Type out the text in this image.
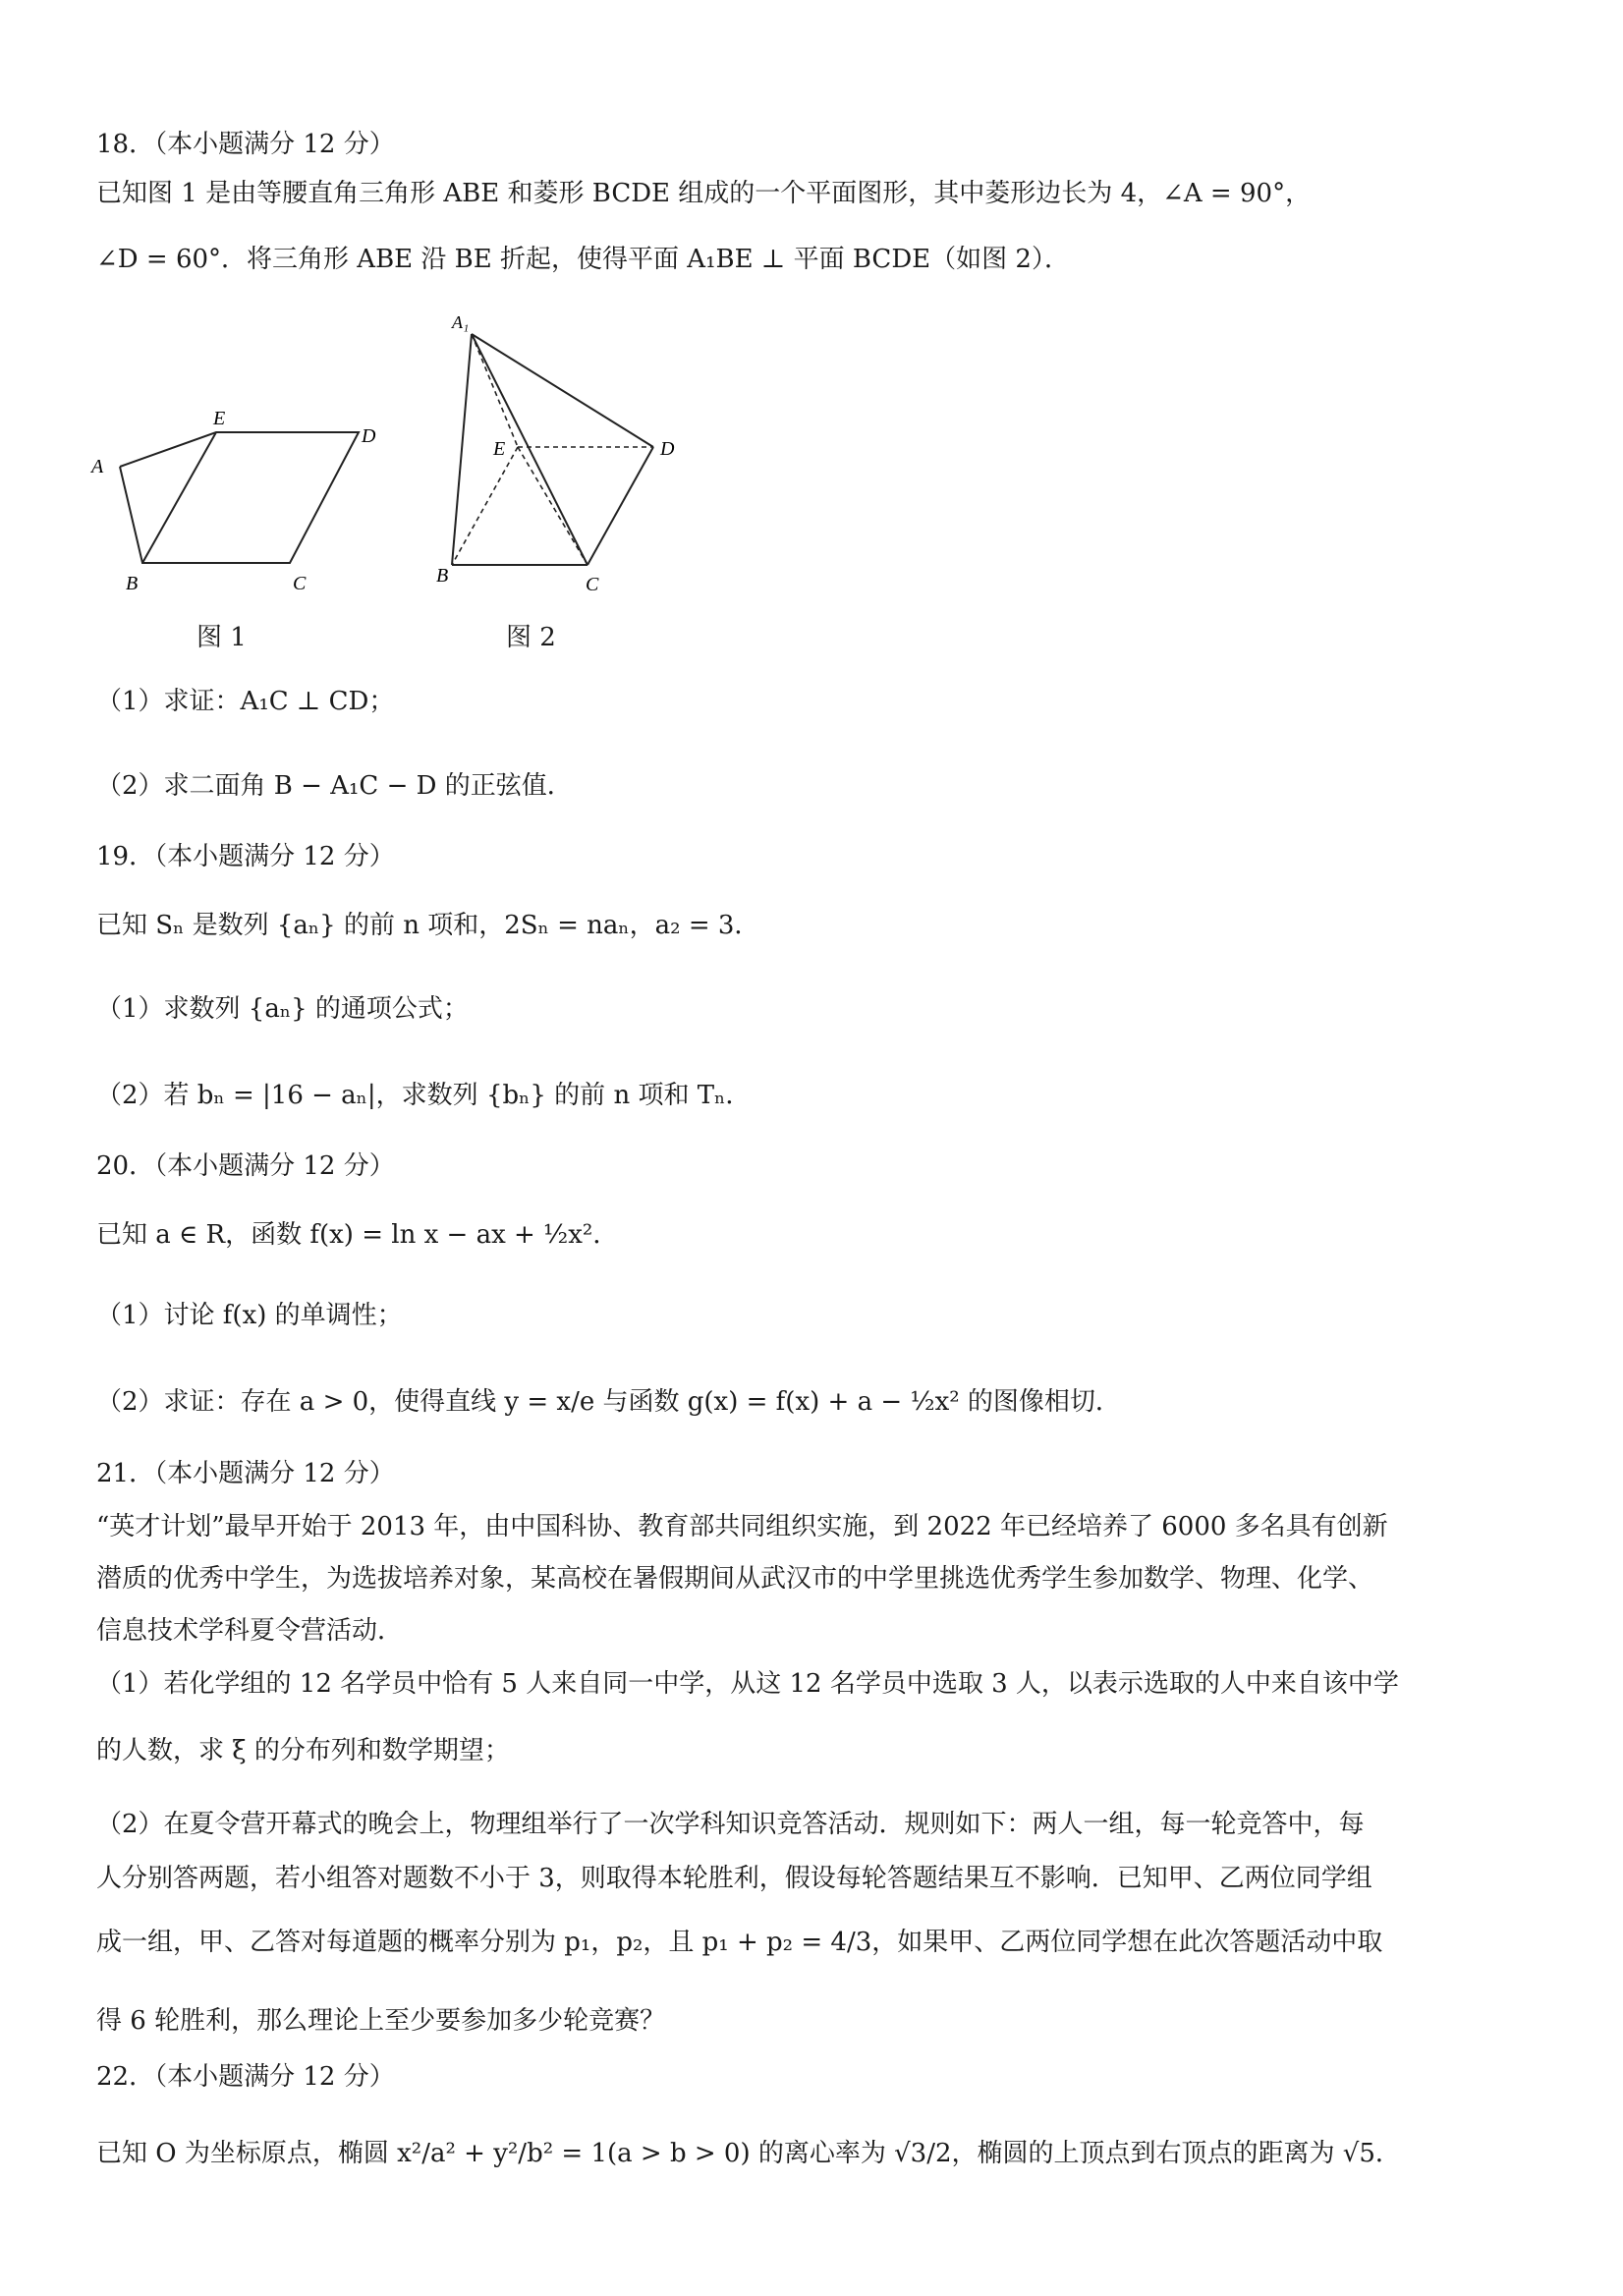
18．（本小题满分 12 分）
已知图 1 是由等腰直角三角形 ABE 和菱形 BCDE 组成的一个平面图形，其中菱形边长为 4，∠A = 90°，
∠D = 60°．将三角形 ABE 沿 BE 折起，使得平面 A₁BE ⊥ 平面 BCDE（如图 2）．
A
E
D
B	C
图 1
A₁
E	D
B	C
图 2
（1）求证：A₁C ⊥ CD；
（2）求二面角 B − A₁C − D 的正弦值．
19．（本小题满分 12 分）
已知 Sₙ 是数列 {aₙ} 的前 n 项和，2Sₙ = naₙ，a₂ = 3．
（1）求数列 {aₙ} 的通项公式；
（2）若 bₙ = |16 − aₙ|，求数列 {bₙ} 的前 n 项和 Tₙ．
20．（本小题满分 12 分）
已知 a ∈ R，函数 f(x) = ln x − ax + ½x²．
（1）讨论 f(x) 的单调性；
（2）求证：存在 a > 0，使得直线 y = x/e 与函数 g(x) = f(x) + a − ½x² 的图像相切．
21．（本小题满分 12 分）
“英才计划”最早开始于 2013 年，由中国科协、教育部共同组织实施，到 2022 年已经培养了 6000 多名具有创新
潜质的优秀中学生，为选拔培养对象，某高校在暑假期间从武汉市的中学里挑选优秀学生参加数学、物理、化学、
信息技术学科夏令营活动．
（1）若化学组的 12 名学员中恰有 5 人来自同一中学，从这 12 名学员中选取 3 人，以表示选取的人中来自该中学
的人数，求 ξ 的分布列和数学期望；
（2）在夏令营开幕式的晚会上，物理组举行了一次学科知识竞答活动．规则如下：两人一组，每一轮竞答中，每
人分别答两题，若小组答对题数不小于 3，则取得本轮胜利，假设每轮答题结果互不影响．已知甲、乙两位同学组
成一组，甲、乙答对每道题的概率分别为 p₁，p₂，且 p₁ + p₂ = 4/3，如果甲、乙两位同学想在此次答题活动中取
得 6 轮胜利，那么理论上至少要参加多少轮竞赛？
22．（本小题满分 12 分）
已知 O 为坐标原点，椭圆 x²/a² + y²/b² = 1(a > b > 0) 的离心率为 √3/2，椭圆的上顶点到右顶点的距离为 √5．
